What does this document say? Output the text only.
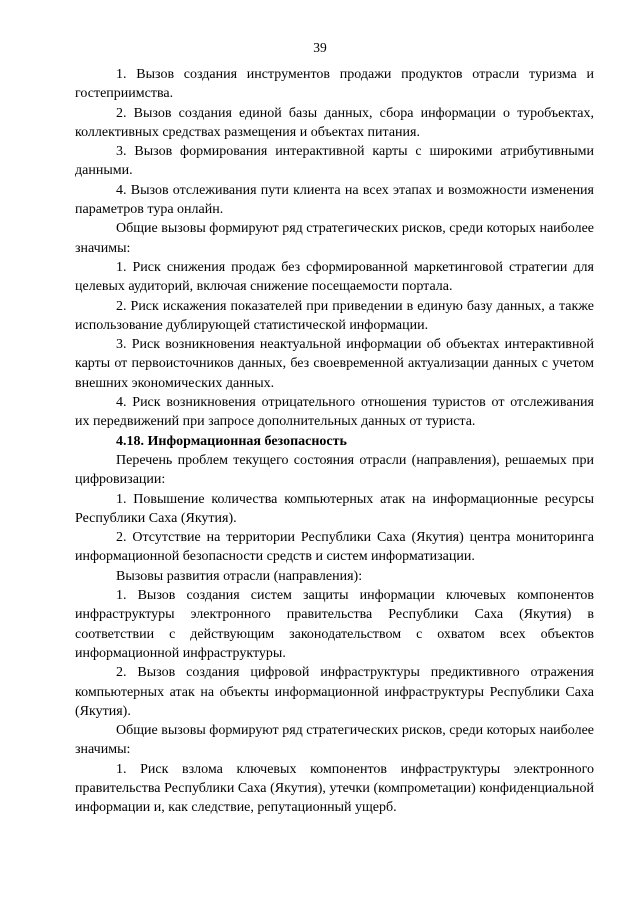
39

1. Вызов создания инструментов продажи продуктов отрасли туризма и гостеприимства.

2. Вызов создания единой базы данных, сбора информации о туробъектах, коллективных средствах размещения и объектах питания.

3. Вызов формирования интерактивной карты с широкими атрибутивными данными.

4. Вызов отслеживания пути клиента на всех этапах и возможности изменения параметров тура онлайн.

Общие вызовы формируют ряд стратегических рисков, среди которых наиболее значимы:

1. Риск снижения продаж без сформированной маркетинговой стратегии для целевых аудиторий, включая снижение посещаемости портала.

2. Риск искажения показателей при приведении в единую базу данных, а также использование дублирующей статистической информации.

3. Риск возникновения неактуальной информации об объектах интерактивной карты от первоисточников данных, без своевременной актуализации данных с учетом внешних экономических данных.

4. Риск возникновения отрицательного отношения туристов от отслеживания их передвижений при запросе дополнительных данных от туриста.

4.18. Информационная безопасность

Перечень проблем текущего состояния отрасли (направления), решаемых при цифровизации:

1. Повышение количества компьютерных атак на информационные ресурсы Республики Саха (Якутия).

2. Отсутствие на территории Республики Саха (Якутия) центра мониторинга информационной безопасности средств и систем информатизации.

Вызовы развития отрасли (направления):

1. Вызов создания систем защиты информации ключевых компонентов инфраструктуры электронного правительства Республики Саха (Якутия) в соответствии с действующим законодательством с охватом всех объектов информационной инфраструктуры.

2. Вызов создания цифровой инфраструктуры предиктивного отражения компьютерных атак на объекты информационной инфраструктуры Республики Саха (Якутия).

Общие вызовы формируют ряд стратегических рисков, среди которых наиболее значимы:

1. Риск взлома ключевых компонентов инфраструктуры электронного правительства Республики Саха (Якутия), утечки (компрометации) конфиденциальной информации и, как следствие, репутационный ущерб.
